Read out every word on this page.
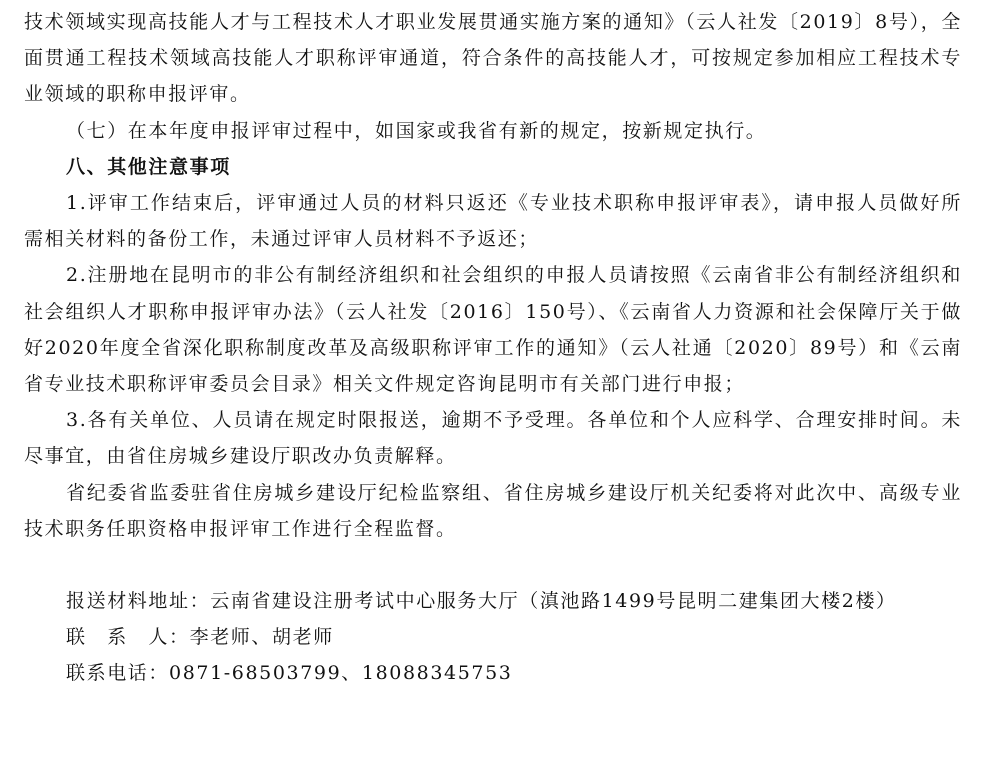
技术领域实现高技能人才与工程技术人才职业发展贯通实施方案的通知》（云人社发〔2019〕8号），全面贯通工程技术领域高技能人才职称评审通道，符合条件的高技能人才，可按规定参加相应工程技术专业领域的职称申报评审。

（七）在本年度申报评审过程中，如国家或我省有新的规定，按新规定执行。

八、其他注意事项

1.评审工作结束后，评审通过人员的材料只返还《专业技术职称申报评审表》，请申报人员做好所需相关材料的备份工作，未通过评审人员材料不予返还；

2.注册地在昆明市的非公有制经济组织和社会组织的申报人员请按照《云南省非公有制经济组织和社会组织人才职称申报评审办法》（云人社发〔2016〕150号）、《云南省人力资源和社会保障厅关于做好2020年度全省深化职称制度改革及高级职称评审工作的通知》（云人社通〔2020〕89号）和《云南省专业技术职称评审委员会目录》相关文件规定咨询昆明市有关部门进行申报；

3.各有关单位、人员请在规定时限报送，逾期不予受理。各单位和个人应科学、合理安排时间。未尽事宜，由省住房城乡建设厅职改办负责解释。

省纪委省监委驻省住房城乡建设厅纪检监察组、省住房城乡建设厅机关纪委将对此次中、高级专业技术职务任职资格申报评审工作进行全程监督。

报送材料地址：云南省建设注册考试中心服务大厅（滇池路1499号昆明二建集团大楼2楼）

联　系　人：李老师、胡老师

联系电话：0871-68503799、18088345753
